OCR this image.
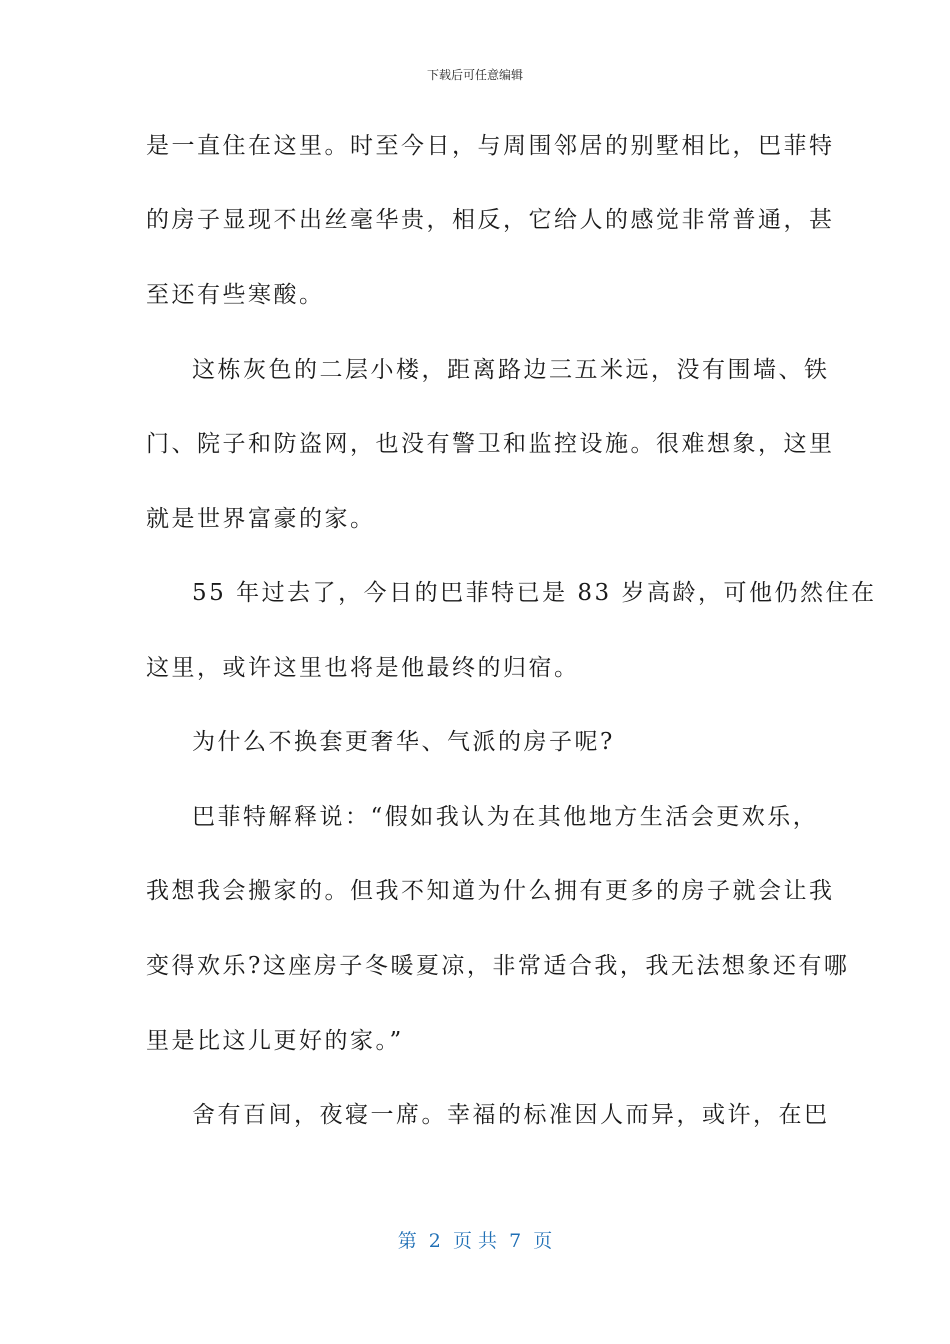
下载后可任意编辑
是一直住在这里。时至今日，与周围邻居的别墅相比，巴菲特
的房子显现不出丝毫华贵，相反，它给人的感觉非常普通，甚
至还有些寒酸。
这栋灰色的二层小楼，距离路边三五米远，没有围墙、铁
门、院子和防盗网，也没有警卫和监控设施。很难想象，这里
就是世界富豪的家。
55 年过去了，今日的巴菲特已是 83 岁高龄，可他仍然住在
这里，或许这里也将是他最终的归宿。
为什么不换套更奢华、气派的房子呢?
巴菲特解释说：“假如我认为在其他地方生活会更欢乐，
我想我会搬家的。但我不知道为什么拥有更多的房子就会让我
变得欢乐?这座房子冬暖夏凉，非常适合我，我无法想象还有哪
里是比这儿更好的家。”
舍有百间，夜寝一席。幸福的标准因人而异，或许，在巴
第  2  页 共  7  页
